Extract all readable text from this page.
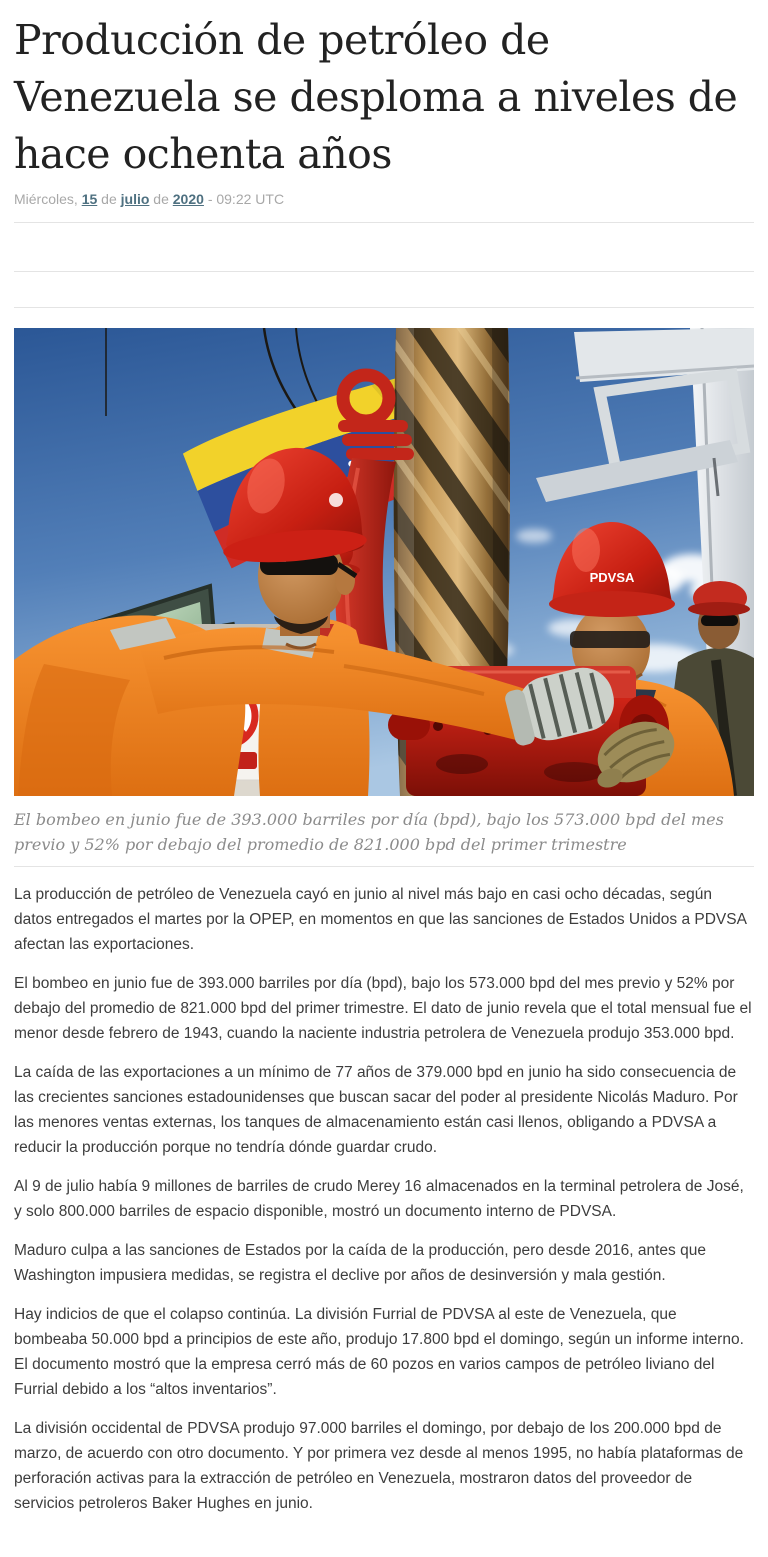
Producción de petróleo de Venezuela se desploma a niveles de hace ochenta años
Miércoles, 15 de julio de 2020 - 09:22 UTC
PDVSA
El bombeo en junio fue de 393.000 barriles por día (bpd), bajo los 573.000 bpd del mes previo y 52% por debajo del promedio de 821.000 bpd del primer trimestre

La producción de petróleo de Venezuela cayó en junio al nivel más bajo en casi ocho décadas, según datos entregados el martes por la OPEP, en momentos en que las sanciones de Estados Unidos a PDVSA afectan las exportaciones.

El bombeo en junio fue de 393.000 barriles por día (bpd), bajo los 573.000 bpd del mes previo y 52% por debajo del promedio de 821.000 bpd del primer trimestre. El dato de junio revela que el total mensual fue el menor desde febrero de 1943, cuando la naciente industria petrolera de Venezuela produjo 353.000 bpd.

La caída de las exportaciones a un mínimo de 77 años de 379.000 bpd en junio ha sido consecuencia de las crecientes sanciones estadounidenses que buscan sacar del poder al presidente Nicolás Maduro. Por las menores ventas externas, los tanques de almacenamiento están casi llenos, obligando a PDVSA a reducir la producción porque no tendría dónde guardar crudo.

Al 9 de julio había 9 millones de barriles de crudo Merey 16 almacenados en la terminal petrolera de José, y solo 800.000 barriles de espacio disponible, mostró un documento interno de PDVSA.

Maduro culpa a las sanciones de Estados por la caída de la producción, pero desde 2016, antes que Washington impusiera medidas, se registra el declive por años de desinversión y mala gestión.

Hay indicios de que el colapso continúa. La división Furrial de PDVSA al este de Venezuela, que bombeaba 50.000 bpd a principios de este año, produjo 17.800 bpd el domingo, según un informe interno. El documento mostró que la empresa cerró más de 60 pozos en varios campos de petróleo liviano del Furrial debido a los “altos inventarios”.

La división occidental de PDVSA produjo 97.000 barriles el domingo, por debajo de los 200.000 bpd de marzo, de acuerdo con otro documento. Y por primera vez desde al menos 1995, no había plataformas de perforación activas para la extracción de petróleo en Venezuela, mostraron datos del proveedor de servicios petroleros Baker Hughes en junio.
